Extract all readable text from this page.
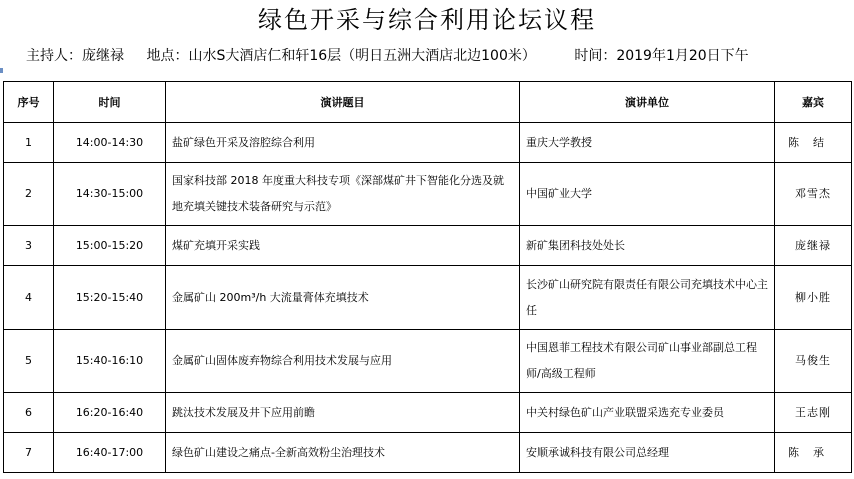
绿色开采与综合利用论坛议程
主持人：庞继禄 地点：山水S大酒店仁和轩16层（明日五洲大酒店北边100米）	时间：2019年1月20日下午
序号	时间	演讲题目	演讲单位	嘉宾
1	14:00-14:30	盐矿绿色开采及溶腔综合利用	重庆大学教授	陈结
2	14:30-15:00	国家科技部 2018 年度重大科技专项《深部煤矿井下智能化分选及就地充填关键技术装备研究与示范》	中国矿业大学	邓雪杰
3	15:00-15:20	煤矿充填开采实践	新矿集团科技处处长	庞继禄
4	15:20-15:40	金属矿山 200m³/h 大流量膏体充填技术	长沙矿山研究院有限责任有限公司充填技术中心主任	柳小胜
5	15:40-16:10	金属矿山固体废弃物综合利用技术发展与应用	中国恩菲工程技术有限公司矿山事业部副总工程师/高级工程师	马俊生
6	16:20-16:40	跳汰技术发展及井下应用前瞻	中关村绿色矿山产业联盟采选充专业委员	王志刚
7	16:40-17:00	绿色矿山建设之痛点-全新高效粉尘治理技术	安顺承诚科技有限公司总经理	陈承
